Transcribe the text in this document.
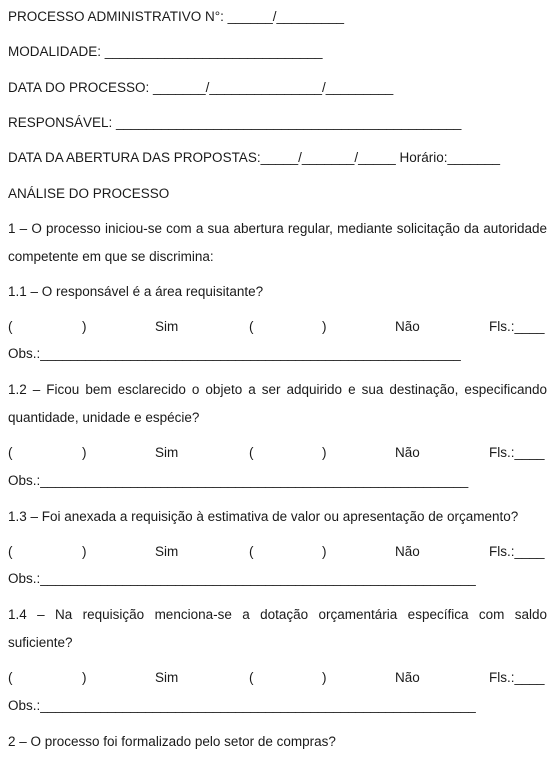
PROCESSO ADMINISTRATIVO N°: ______/_________
MODALIDADE: _____________________________
DATA DO PROCESSO: _______/_______________/_________
RESPONSÁVEL: ______________________________________________
DATA DA ABERTURA DAS PROPOSTAS:_____/_______/_____ Horário:_______
ANÁLISE DO PROCESSO
1 – O processo iniciou-se com a sua abertura regular, mediante solicitação da autoridade
competente em que se discrimina:
1.1 – O responsável é a área requisitante?
(	)	Sim	(	)	Não	Fls.:____
Obs.:________________________________________________________
1.2 – Ficou bem esclarecido o objeto a ser adquirido e sua destinação, especificando
quantidade, unidade e espécie?
(	)	Sim	(	)	Não	Fls.:____
Obs.:_________________________________________________________
1.3 – Foi anexada a requisição à estimativa de valor ou apresentação de orçamento?
(	)	Sim	(	)	Não	Fls.:____
Obs.:__________________________________________________________
1.4 – Na requisição menciona-se a dotação orçamentária específica com saldo
suficiente?
(	)	Sim	(	)	Não	Fls.:____
Obs.:__________________________________________________________
2 – O processo foi formalizado pelo setor de compras?
